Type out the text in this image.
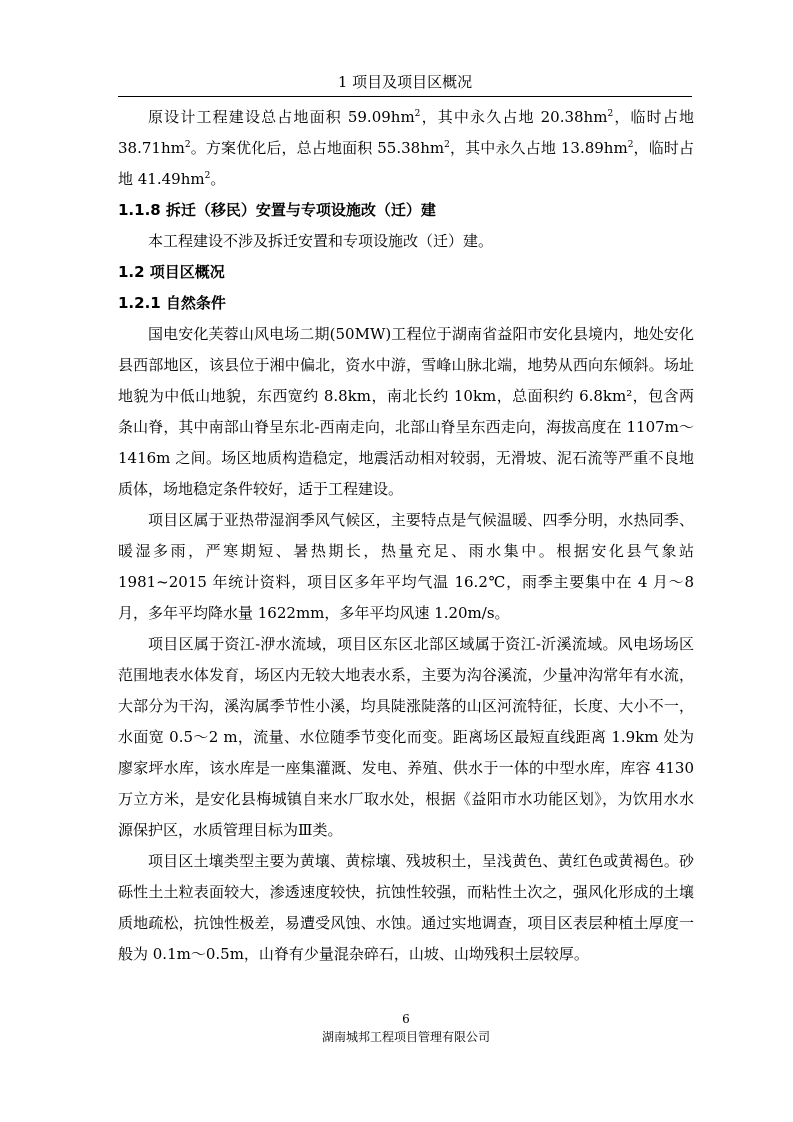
1 项目及项目区概况

原设计工程建设总占地面积 $59.09hm^2$，其中永久占地 $20.38hm^2$，临时占地 $38.71hm^2$。方案优化后，总占地面积 $55.38hm^2$，其中永久占地 $13.89hm^2$，临时占地 $41.49hm^2$。

1.1.8 拆迁（移民）安置与专项设施改（迁）建

本工程建设不涉及拆迁安置和专项设施改（迁）建。

1.2 项目区概况
1.2.1 自然条件

国电安化芙蓉山风电场二期(50MW)工程位于湖南省益阳市安化县境内，地处安化县西部地区，该县位于湘中偏北，资水中游，雪峰山脉北端，地势从西向东倾斜。场址地貌为中低山地貌，东西宽约 8.8km，南北长约 10km，总面积约 6.8km²，包含两条山脊，其中南部山脊呈东北-西南走向，北部山脊呈东西走向，海拔高度在 1107m～1416m 之间。场区地质构造稳定，地震活动相对较弱，无滑坡、泥石流等严重不良地质体，场地稳定条件较好，适于工程建设。

项目区属于亚热带湿润季风气候区，主要特点是气候温暖、四季分明，水热同季、暖湿多雨，严寒期短、暑热期长，热量充足、雨水集中。根据安化县气象站 1981~2015 年统计资料，项目区多年平均气温 16.2℃，雨季主要集中在 4 月～8 月，多年平均降水量 1622mm，多年平均风速 1.20m/s。

项目区属于资江-洢水流域，项目区东区北部区域属于资江-沂溪流域。风电场场区范围地表水体发育，场区内无较大地表水系，主要为沟谷溪流，少量冲沟常年有水流，大部分为干沟，溪沟属季节性小溪，均具陡涨陡落的山区河流特征，长度、大小不一，水面宽 0.5～2 m，流量、水位随季节变化而变。距离场区最短直线距离 1.9km 处为廖家坪水库，该水库是一座集灌溉、发电、养殖、供水于一体的中型水库，库容 4130 万立方米，是安化县梅城镇自来水厂取水处，根据《益阳市水功能区划》，为饮用水水源保护区，水质管理目标为Ⅲ类。

项目区土壤类型主要为黄壤、黄棕壤、残坡积土，呈浅黄色、黄红色或黄褐色。砂砾性土土粒表面较大，渗透速度较快，抗蚀性较强，而粘性土次之，强风化形成的土壤质地疏松，抗蚀性极差，易遭受风蚀、水蚀。通过实地调查，项目区表层种植土厚度一般为 0.1m～0.5m，山脊有少量混杂碎石，山坡、山坳残积土层较厚。

6
湖南城邦工程项目管理有限公司
